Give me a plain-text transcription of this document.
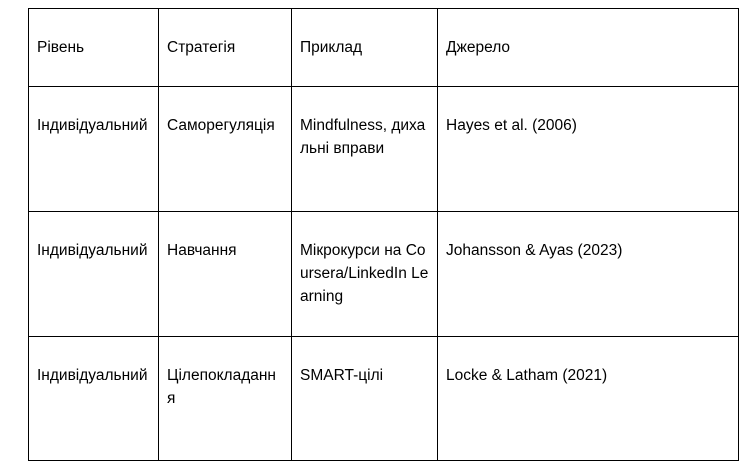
Рівень	Стратегія	Приклад	Джерело
Індивідуальний	Саморегуляція	Mindfulness, дихальні вправи	Hayes et al. (2006)
Індивідуальний	Навчання	Мікрокурси на Coursera/LinkedIn Learning	Johansson & Ayas (2023)
Індивідуальний	Цілепокладання	SMART-цілі	Locke & Latham (2021)
